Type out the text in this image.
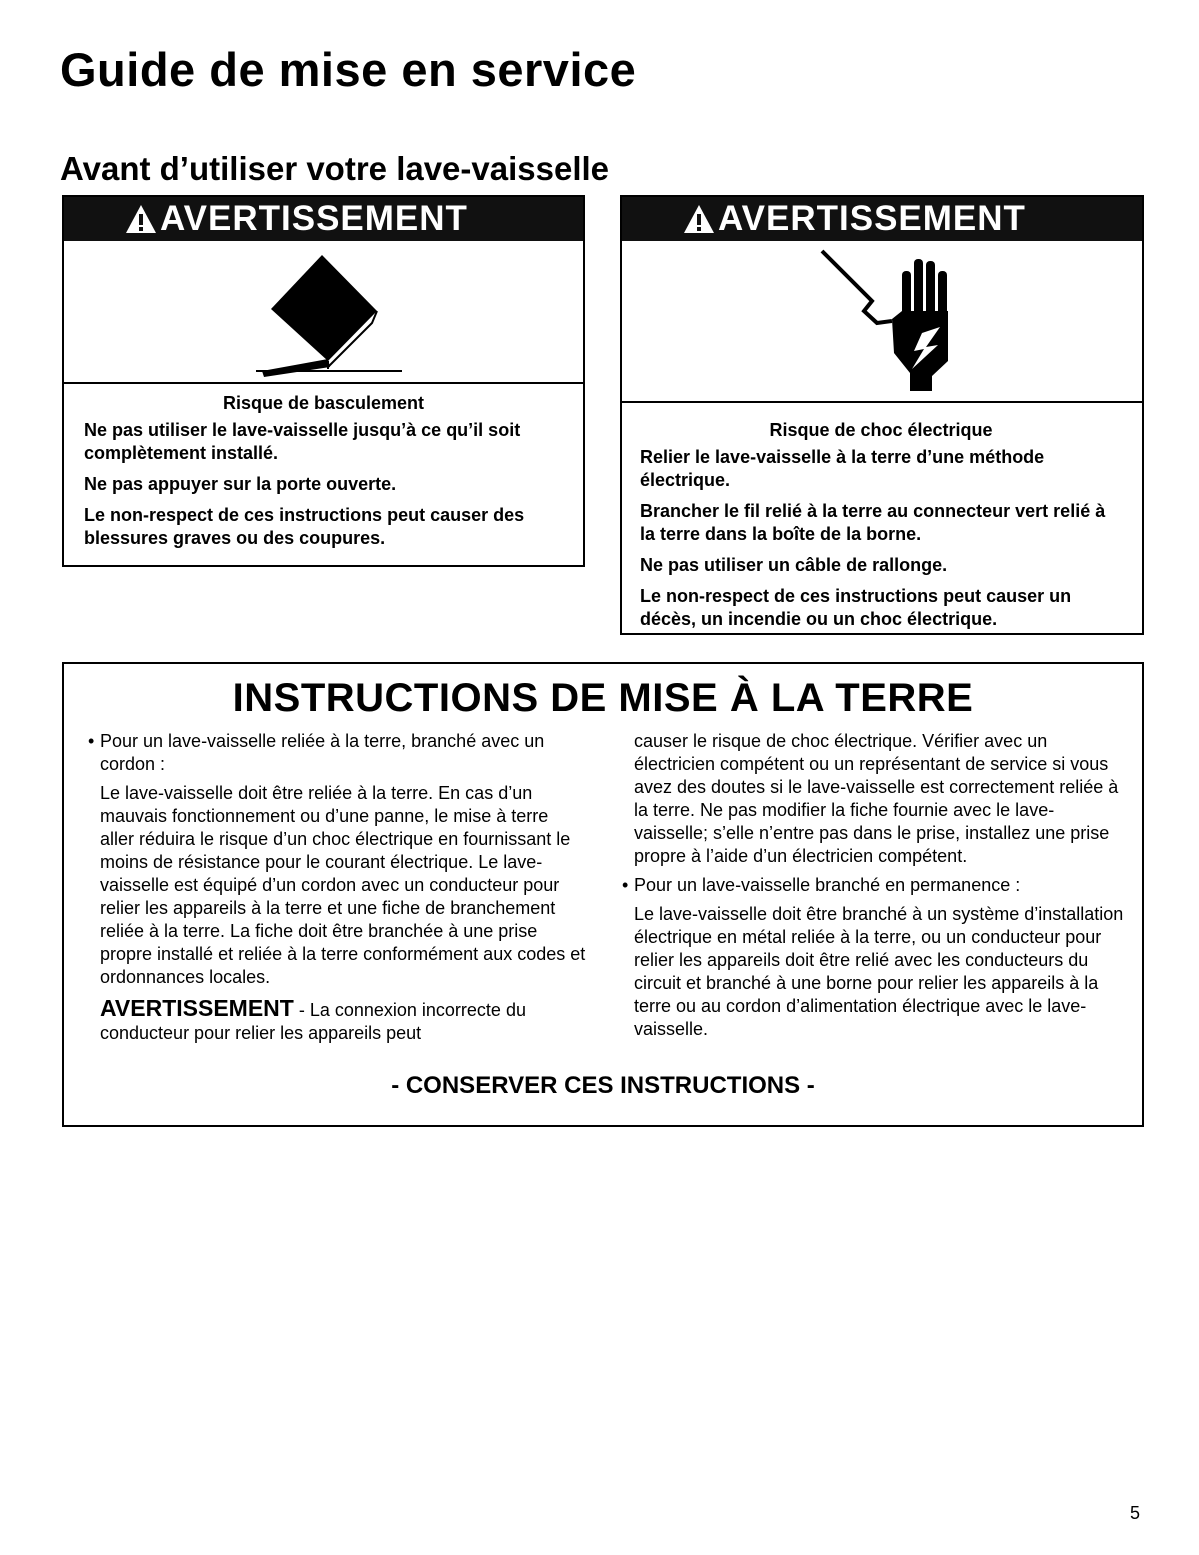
Guide de mise en service
Avant d’utiliser votre lave-vaisselle
AVERTISSEMENT
Risque de basculement

Ne pas utiliser le lave-vaisselle jusqu’à ce qu’il soit complètement installé.

Ne pas appuyer sur la porte ouverte.

Le non-respect de ces instructions peut causer des blessures graves ou des coupures.

AVERTISSEMENT
Risque de choc électrique

Relier le lave-vaisselle à la terre d’une méthode électrique.

Brancher le fil relié à la terre au connecteur vert relié à la terre dans la boîte de la borne.

Ne pas utiliser un câble de rallonge.

Le non-respect de ces instructions peut causer un décès, un incendie ou un choc électrique.

INSTRUCTIONS DE MISE À LA TERRE

• Pour un lave-vaisselle reliée à la terre, branché avec un cordon :

Le lave-vaisselle doit être reliée à la terre. En cas d’un mauvais fonctionnement ou d’une panne, le mise à terre aller réduira le risque d’un choc électrique en fournissant le moins de résistance pour le courant électrique. Le lave-vaisselle est équipé d’un cordon avec un conducteur pour relier les appareils à la terre et une fiche de branchement reliée à la terre. La fiche doit être branchée à une prise propre installé et reliée à la terre conformément aux codes et ordonnances locales.

AVERTISSEMENT - La connexion incorrecte du conducteur pour relier les appareils peut

causer le risque de choc électrique. Vérifier avec un électricien compétent ou un représentant de service si vous avez des doutes si le lave-vaisselle est correctement reliée à la terre. Ne pas modifier la fiche fournie avec le lave-vaisselle; s’elle n’entre pas dans le prise, installez une prise propre à l’aide d’un électricien compétent.

• Pour un lave-vaisselle branché en permanence :

Le lave-vaisselle doit être branché à un système d’installation électrique en métal reliée à la terre, ou un conducteur pour relier les appareils doit être relié avec les conducteurs du circuit et branché à une borne pour relier les appareils à la terre ou au cordon d’alimentation électrique avec le lave-vaisselle.

- CONSERVER CES INSTRUCTIONS -
5
